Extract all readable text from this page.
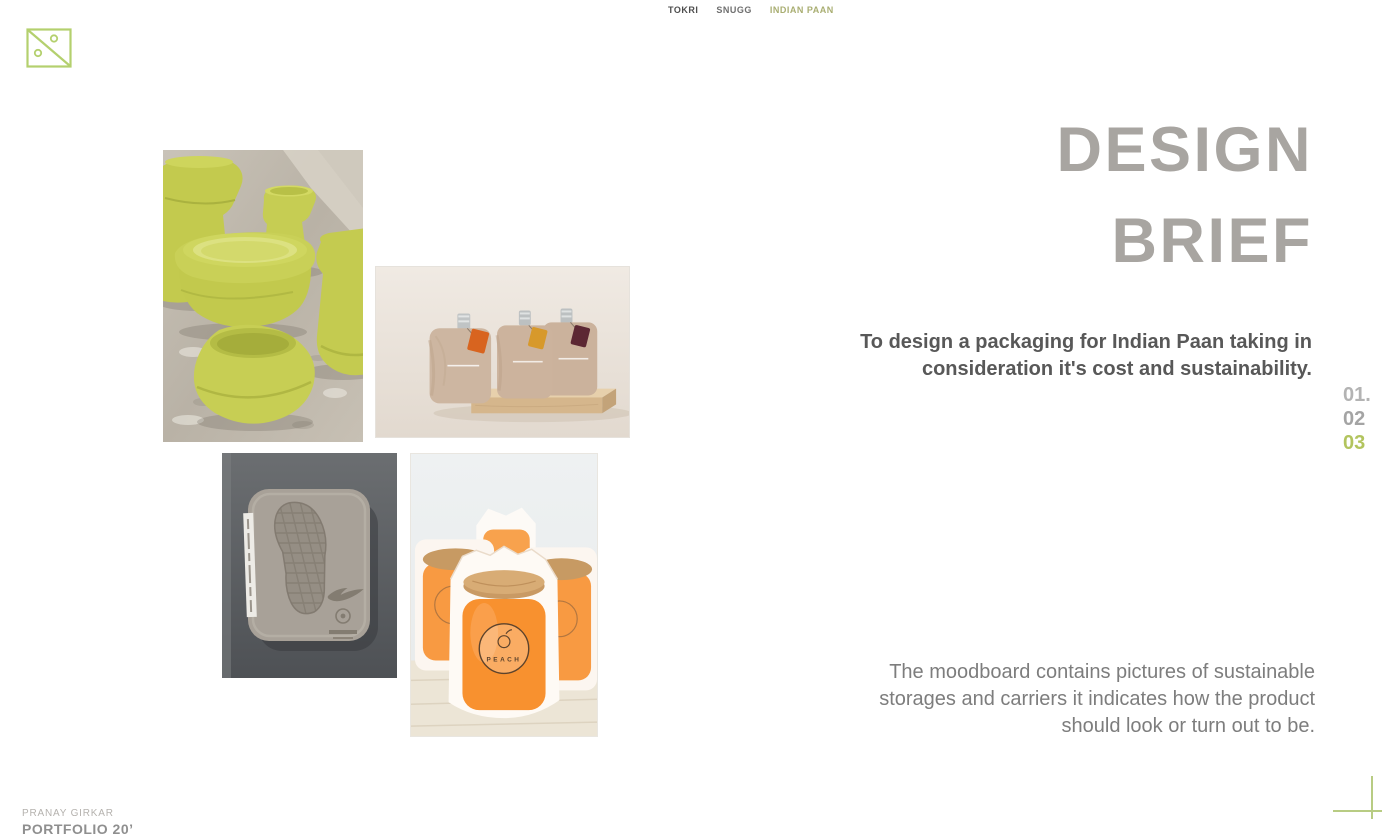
TOKRI SNUGG INDIAN PAAN
PEACH
DESIGN
BRIEF

To design a packaging for Indian Paan taking in consideration it's cost and sustainability.

The moodboard contains pictures of sustainable storages and carriers it indicates how the product should look or turn out to be.

01.
02
03
PRANAY GIRKAR
PORTFOLIO 20’
